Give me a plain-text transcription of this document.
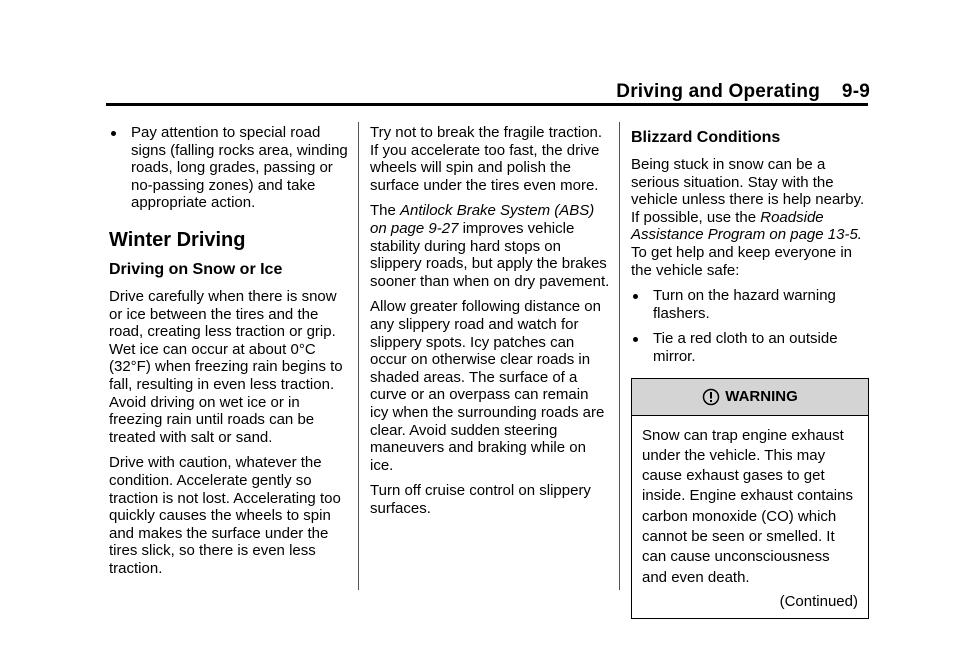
Driving and Operating    9-9
Pay attention to special road signs (falling rocks area, winding roads, long grades, passing or no-passing zones) and take appropriate action.
Winter Driving
Driving on Snow or Ice

Drive carefully when there is snow or ice between the tires and the road, creating less traction or grip. Wet ice can occur at about 0°C (32°F) when freezing rain begins to fall, resulting in even less traction. Avoid driving on wet ice or in freezing rain until roads can be treated with salt or sand.

Drive with caution, whatever the condition. Accelerate gently so traction is not lost. Accelerating too quickly causes the wheels to spin and makes the surface under the tires slick, so there is even less traction.

Try not to break the fragile traction. If you accelerate too fast, the drive wheels will spin and polish the surface under the tires even more.

The Antilock Brake System (ABS) on page 9-27 improves vehicle stability during hard stops on slippery roads, but apply the brakes sooner than when on dry pavement.

Allow greater following distance on any slippery road and watch for slippery spots. Icy patches can occur on otherwise clear roads in shaded areas. The surface of a curve or an overpass can remain icy when the surrounding roads are clear. Avoid sudden steering maneuvers and braking while on ice.

Turn off cruise control on slippery surfaces.

Blizzard Conditions

Being stuck in snow can be a serious situation. Stay with the vehicle unless there is help nearby. If possible, use the Roadside Assistance Program on page 13-5. To get help and keep everyone in the vehicle safe:

Turn on the hazard warning flashers.
Tie a red cloth to an outside mirror.
WARNING
Snow can trap engine exhaust under the vehicle. This may cause exhaust gases to get inside. Engine exhaust contains carbon monoxide (CO) which cannot be seen or smelled. It can cause unconsciousness and even death.
(Continued)
